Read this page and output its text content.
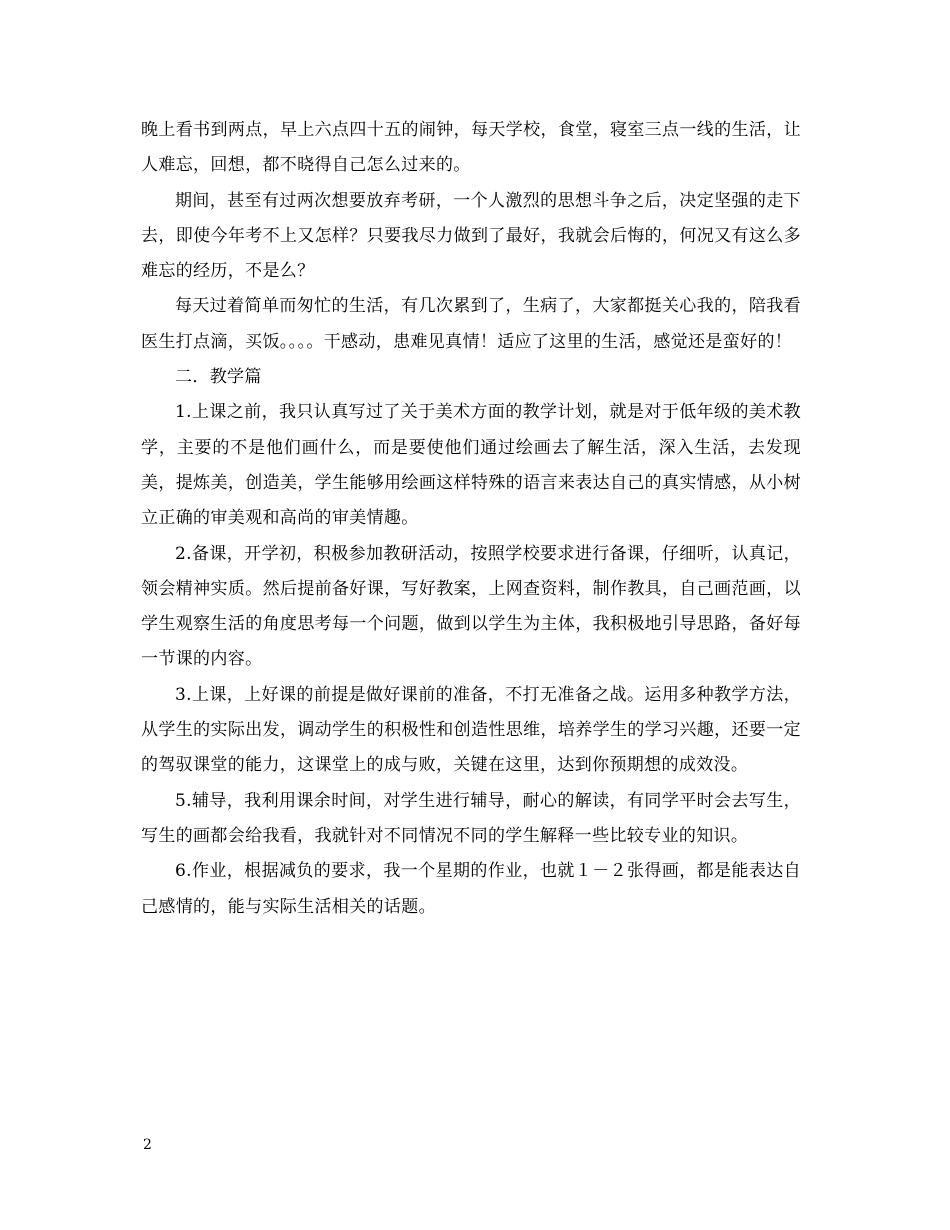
晚上看书到两点，早上六点四十五的闹钟，每天学校，食堂，寝室三点一线的生活，让人难忘，回想，都不晓得自己怎么过来的。

期间，甚至有过两次想要放弃考研，一个人激烈的思想斗争之后，决定坚强的走下去，即使今年考不上又怎样？只要我尽力做到了最好，我就会后悔的，何况又有这么多难忘的经历，不是么？

每天过着简单而匆忙的生活，有几次累到了，生病了，大家都挺关心我的，陪我看医生打点滴，买饭。。。。干感动，患难见真情！适应了这里的生活，感觉还是蛮好的！

二．教学篇

1.上课之前，我只认真写过了关于美术方面的教学计划，就是对于低年级的美术教学，主要的不是他们画什么，而是要使他们通过绘画去了解生活，深入生活，去发现美，提炼美，创造美，学生能够用绘画这样特殊的语言来表达自己的真实情感，从小树立正确的审美观和高尚的审美情趣。

2.备课，开学初，积极参加教研活动，按照学校要求进行备课，仔细听，认真记，领会精神实质。然后提前备好课，写好教案，上网查资料，制作教具，自己画范画，以学生观察生活的角度思考每一个问题，做到以学生为主体，我积极地引导思路，备好每一节课的内容。

3.上课，上好课的前提是做好课前的准备，不打无准备之战。运用多种教学方法，从学生的实际出发，调动学生的积极性和创造性思维，培养学生的学习兴趣，还要一定的驾驭课堂的能力，这课堂上的成与败，关键在这里，达到你预期想的成效没。

5.辅导，我利用课余时间，对学生进行辅导，耐心的解读，有同学平时会去写生，写生的画都会给我看，我就针对不同情况不同的学生解释一些比较专业的知识。

6.作业，根据减负的要求，我一个星期的作业，也就１－２张得画，都是能表达自己感情的，能与实际生活相关的话题。

2
